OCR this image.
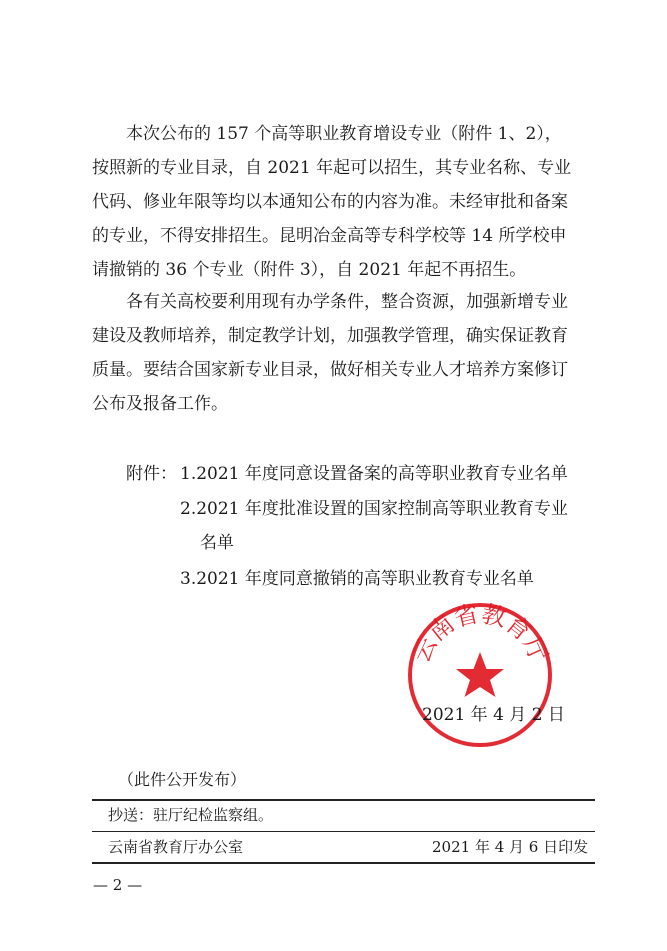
本次公布的 157 个高等职业教育增设专业（附件 1、2），
按照新的专业目录，自 2021 年起可以招生，其专业名称、专业
代码、修业年限等均以本通知公布的内容为准。未经审批和备案
的专业，不得安排招生。昆明冶金高等专科学校等 14 所学校申
请撤销的 36 个专业（附件 3），自 2021 年起不再招生。
各有关高校要利用现有办学条件，整合资源，加强新增专业
建设及教师培养，制定教学计划，加强教学管理，确实保证教育
质量。要结合国家新专业目录，做好相关专业人才培养方案修订
公布及报备工作。
附件： 1.2021 年度同意设置备案的高等职业教育专业名单
2.2021 年度批准设置的国家控制高等职业教育专业
名单
3.2021 年度同意撤销的高等职业教育专业名单
云南省教育厅
2021 年 4 月 2 日
（此件公开发布）
抄送：驻厅纪检监察组。
云南省教育厅办公室	2021 年 4 月 6 日印发
— 2 —
